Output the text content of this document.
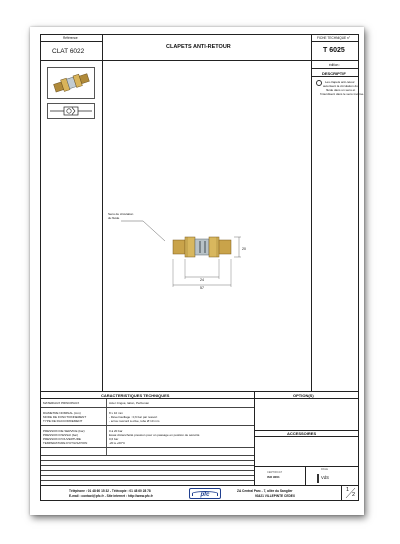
Référence
CLAT 6022
CLAPETS ANTI-RETOUR
FICHE TECHNIQUE n°
T 6025
édition :
DESCRIPTIF
Les clapets anti-retour
autorisent la circulation du
fluide dans un sens et
l'interdisent dans le sens inverse.
Sens de circulation
du fluide
20
24
57
CARACTERISTIQUES TECHNIQUES
MATERIAUX PRINCIPAUX	Acier zingué, laiton, Perbunan
DIAMETRE NOMINAL (mm)	8 x 10 mm
MODE DE FONCTIONNEMENT	- Déverrouillage : 0,6 bar par ressort
TYPE DE RACCORDEMENT	- écrou raccord à olive, tube Ø 10 mm
PRESSION DE SERVICE (bar)	0 à 20 bar
PRESSION D'ESSAI (bar)	Essai d'étanchéité pression pour un passage en position de sécurité
PRESSION D'OUVERTURE	0,6 bar
TEMPERATURE D'UTILISATION	-20 à +60°C
OPTION(S)
ACCESSOIRES
CERTIFICAT
ISO 9001
PAGE
VdS
Téléphone : 01 48 60 15 32 - Télécopie : 01 48 60 28 78
E-mail : contact@pfc.fr - Site internet : http://www.pfc.fr	pfc
ZA Central Parc - 7, allée du Sanglier
93421 VILLEPINTE CEDEX
1
2
